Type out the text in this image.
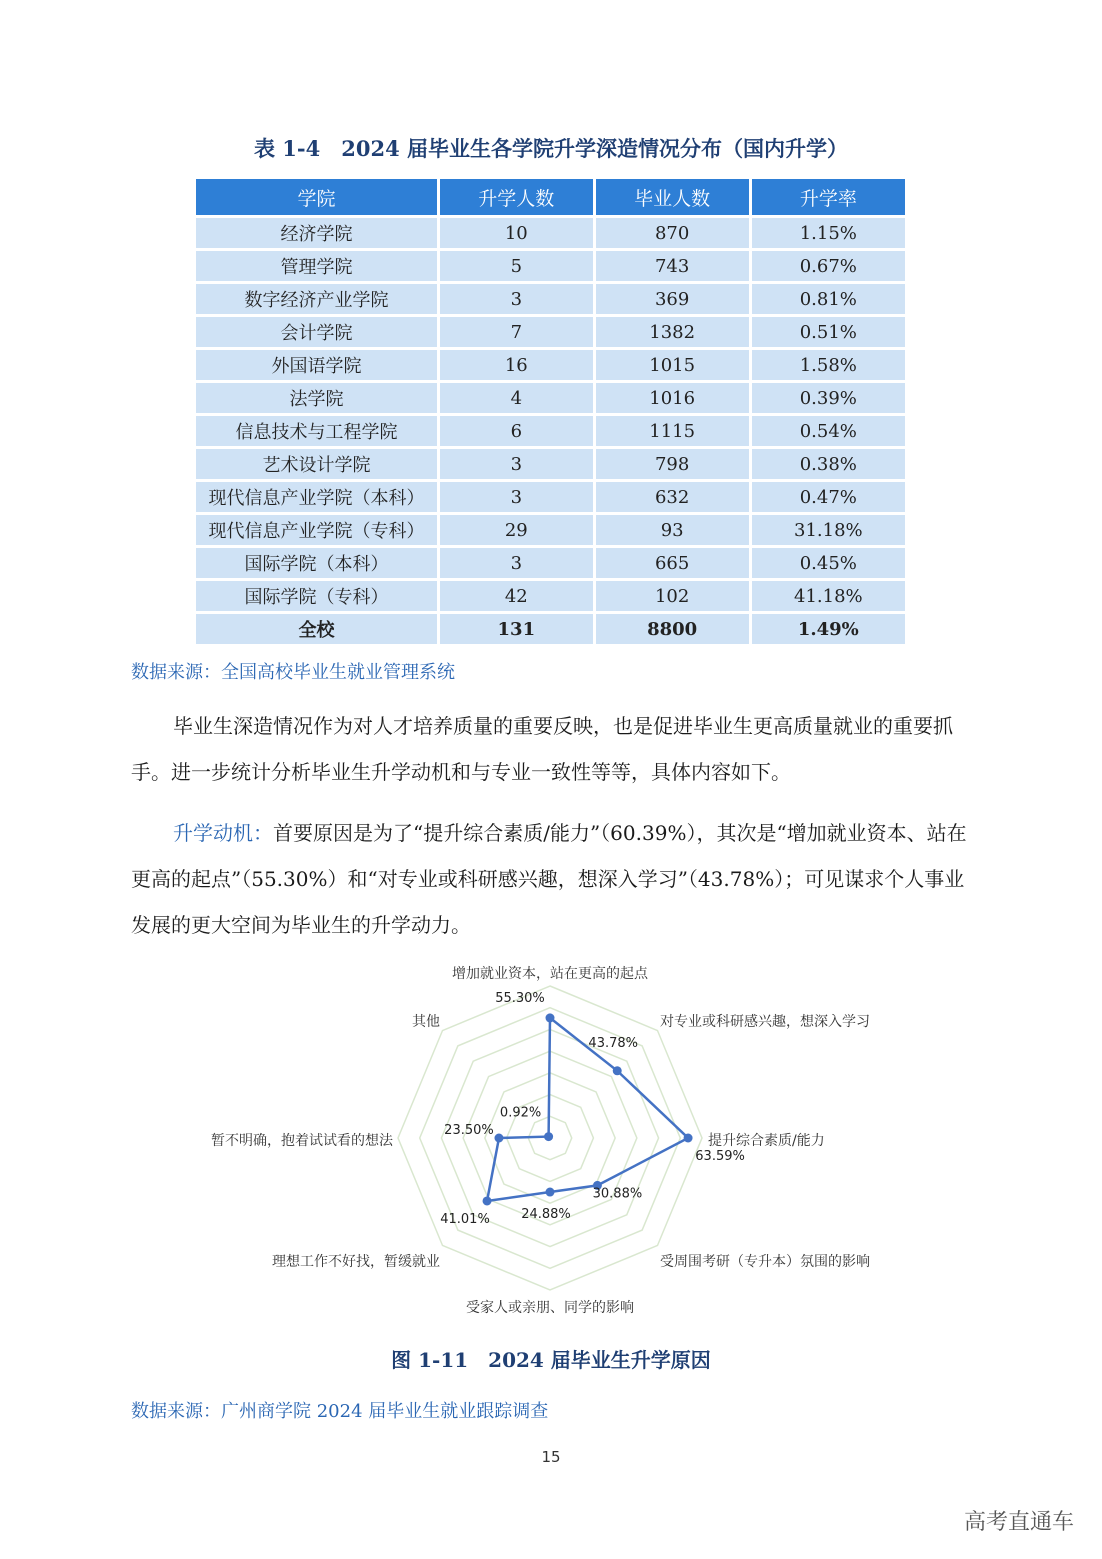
表 1-4　2024 届毕业生各学院升学深造情况分布（国内升学）
学院	升学人数	毕业人数	升学率
经济学院	10	870	1.15%
管理学院	5	743	0.67%
数字经济产业学院	3	369	0.81%
会计学院	7	1382	0.51%
外国语学院	16	1015	1.58%
法学院	4	1016	0.39%
信息技术与工程学院	6	1115	0.54%
艺术设计学院	3	798	0.38%
现代信息产业学院（本科）	3	632	0.47%
现代信息产业学院（专科）	29	93	31.18%
国际学院（本科）	3	665	0.45%
国际学院（专科）	42	102	41.18%
全校	131	8800	1.49%
数据来源：全国高校毕业生就业管理系统
毕业生深造情况作为对人才培养质量的重要反映，也是促进毕业生更高质量就业的重要抓手。进一步统计分析毕业生升学动机和与专业一致性等等，具体内容如下。
升学动机：首要原因是为了“提升综合素质/能力”（60.39%），其次是“增加就业资本、站在更高的起点”（55.30%）和“对专业或科研感兴趣，想深入学习”（43.78%）；可见谋求个人事业发展的更大空间为毕业生的升学动力。
55.30%
43.78%
63.59%
30.88%
24.88%
41.01%
23.50%
0.92%
增加就业资本，站在更高的起点
对专业或科研感兴趣，想深入学习
提升综合素质/能力
受周围考研（专升本）氛围的影响
受家人或亲朋、同学的影响
理想工作不好找，暂缓就业
暂不明确，抱着试试看的想法
其他
图 1-11　2024 届毕业生升学原因
数据来源：广州商学院 2024 届毕业生就业跟踪调查
15
高考直通车
